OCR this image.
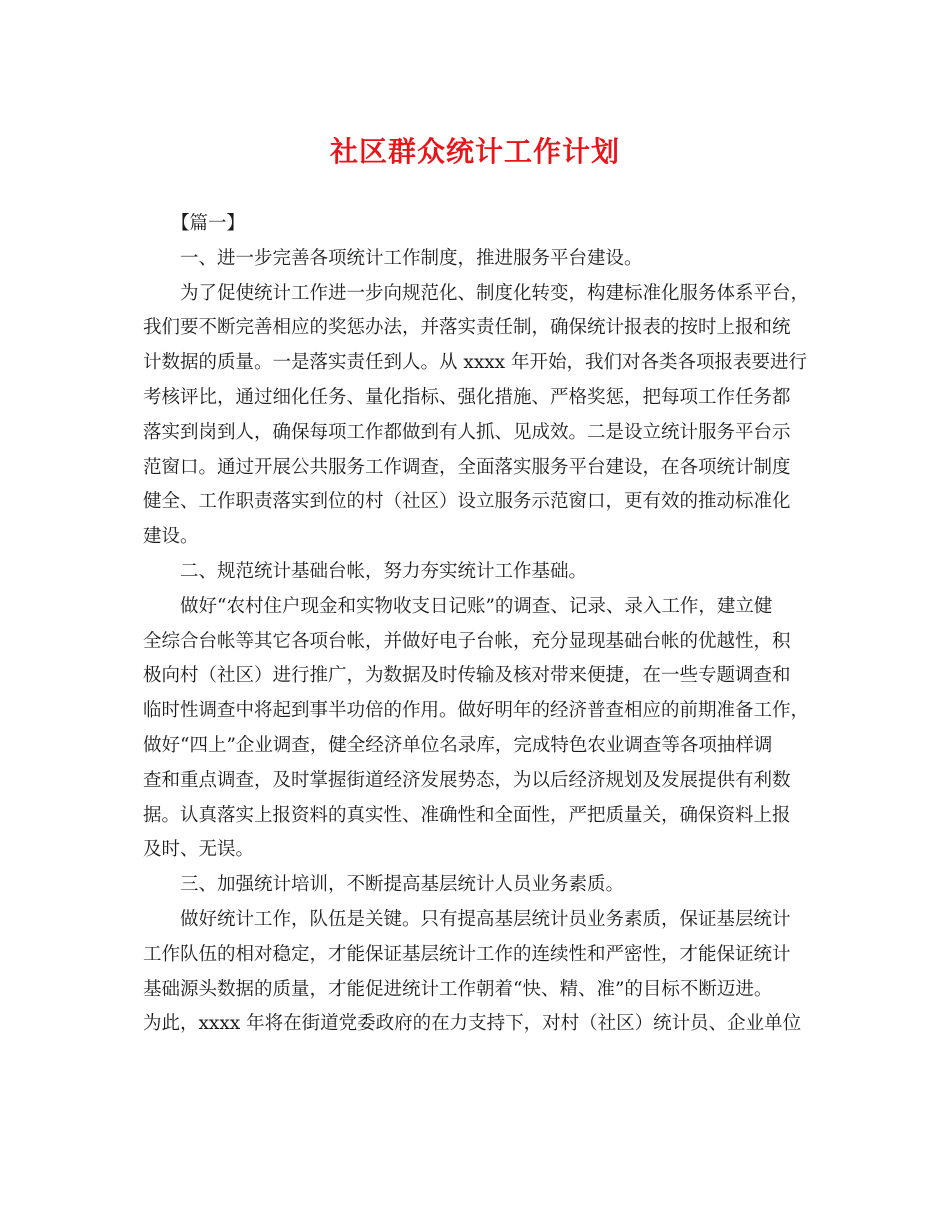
社区群众统计工作计划
【篇一】
一、进一步完善各项统计工作制度，推进服务平台建设。
为了促使统计工作进一步向规范化、制度化转变，构建标准化服务体系平台，
我们要不断完善相应的奖惩办法，并落实责任制，确保统计报表的按时上报和统
计数据的质量。一是落实责任到人。从 xxxx 年开始，我们对各类各项报表要进行
考核评比，通过细化任务、量化指标、强化措施、严格奖惩，把每项工作任务都
落实到岗到人，确保每项工作都做到有人抓、见成效。二是设立统计服务平台示
范窗口。通过开展公共服务工作调查，全面落实服务平台建设，在各项统计制度
健全、工作职责落实到位的村（社区）设立服务示范窗口，更有效的推动标准化
建设。
二、规范统计基础台帐，努力夯实统计工作基础。
做好“农村住户现金和实物收支日记账”的调查、记录、录入工作，建立健
全综合台帐等其它各项台帐，并做好电子台帐，充分显现基础台帐的优越性，积
极向村（社区）进行推广，为数据及时传输及核对带来便捷，在一些专题调查和
临时性调查中将起到事半功倍的作用。做好明年的经济普查相应的前期准备工作，
做好“四上”企业调查，健全经济单位名录库，完成特色农业调查等各项抽样调
查和重点调查，及时掌握街道经济发展势态，为以后经济规划及发展提供有利数
据。认真落实上报资料的真实性、准确性和全面性，严把质量关，确保资料上报
及时、无误。
三、加强统计培训，不断提高基层统计人员业务素质。
做好统计工作，队伍是关键。只有提高基层统计员业务素质，保证基层统计
工作队伍的相对稳定，才能保证基层统计工作的连续性和严密性，才能保证统计
基础源头数据的质量，才能促进统计工作朝着“快、精、准”的目标不断迈进。
为此，xxxx 年将在街道党委政府的在力支持下，对村（社区）统计员、企业单位
